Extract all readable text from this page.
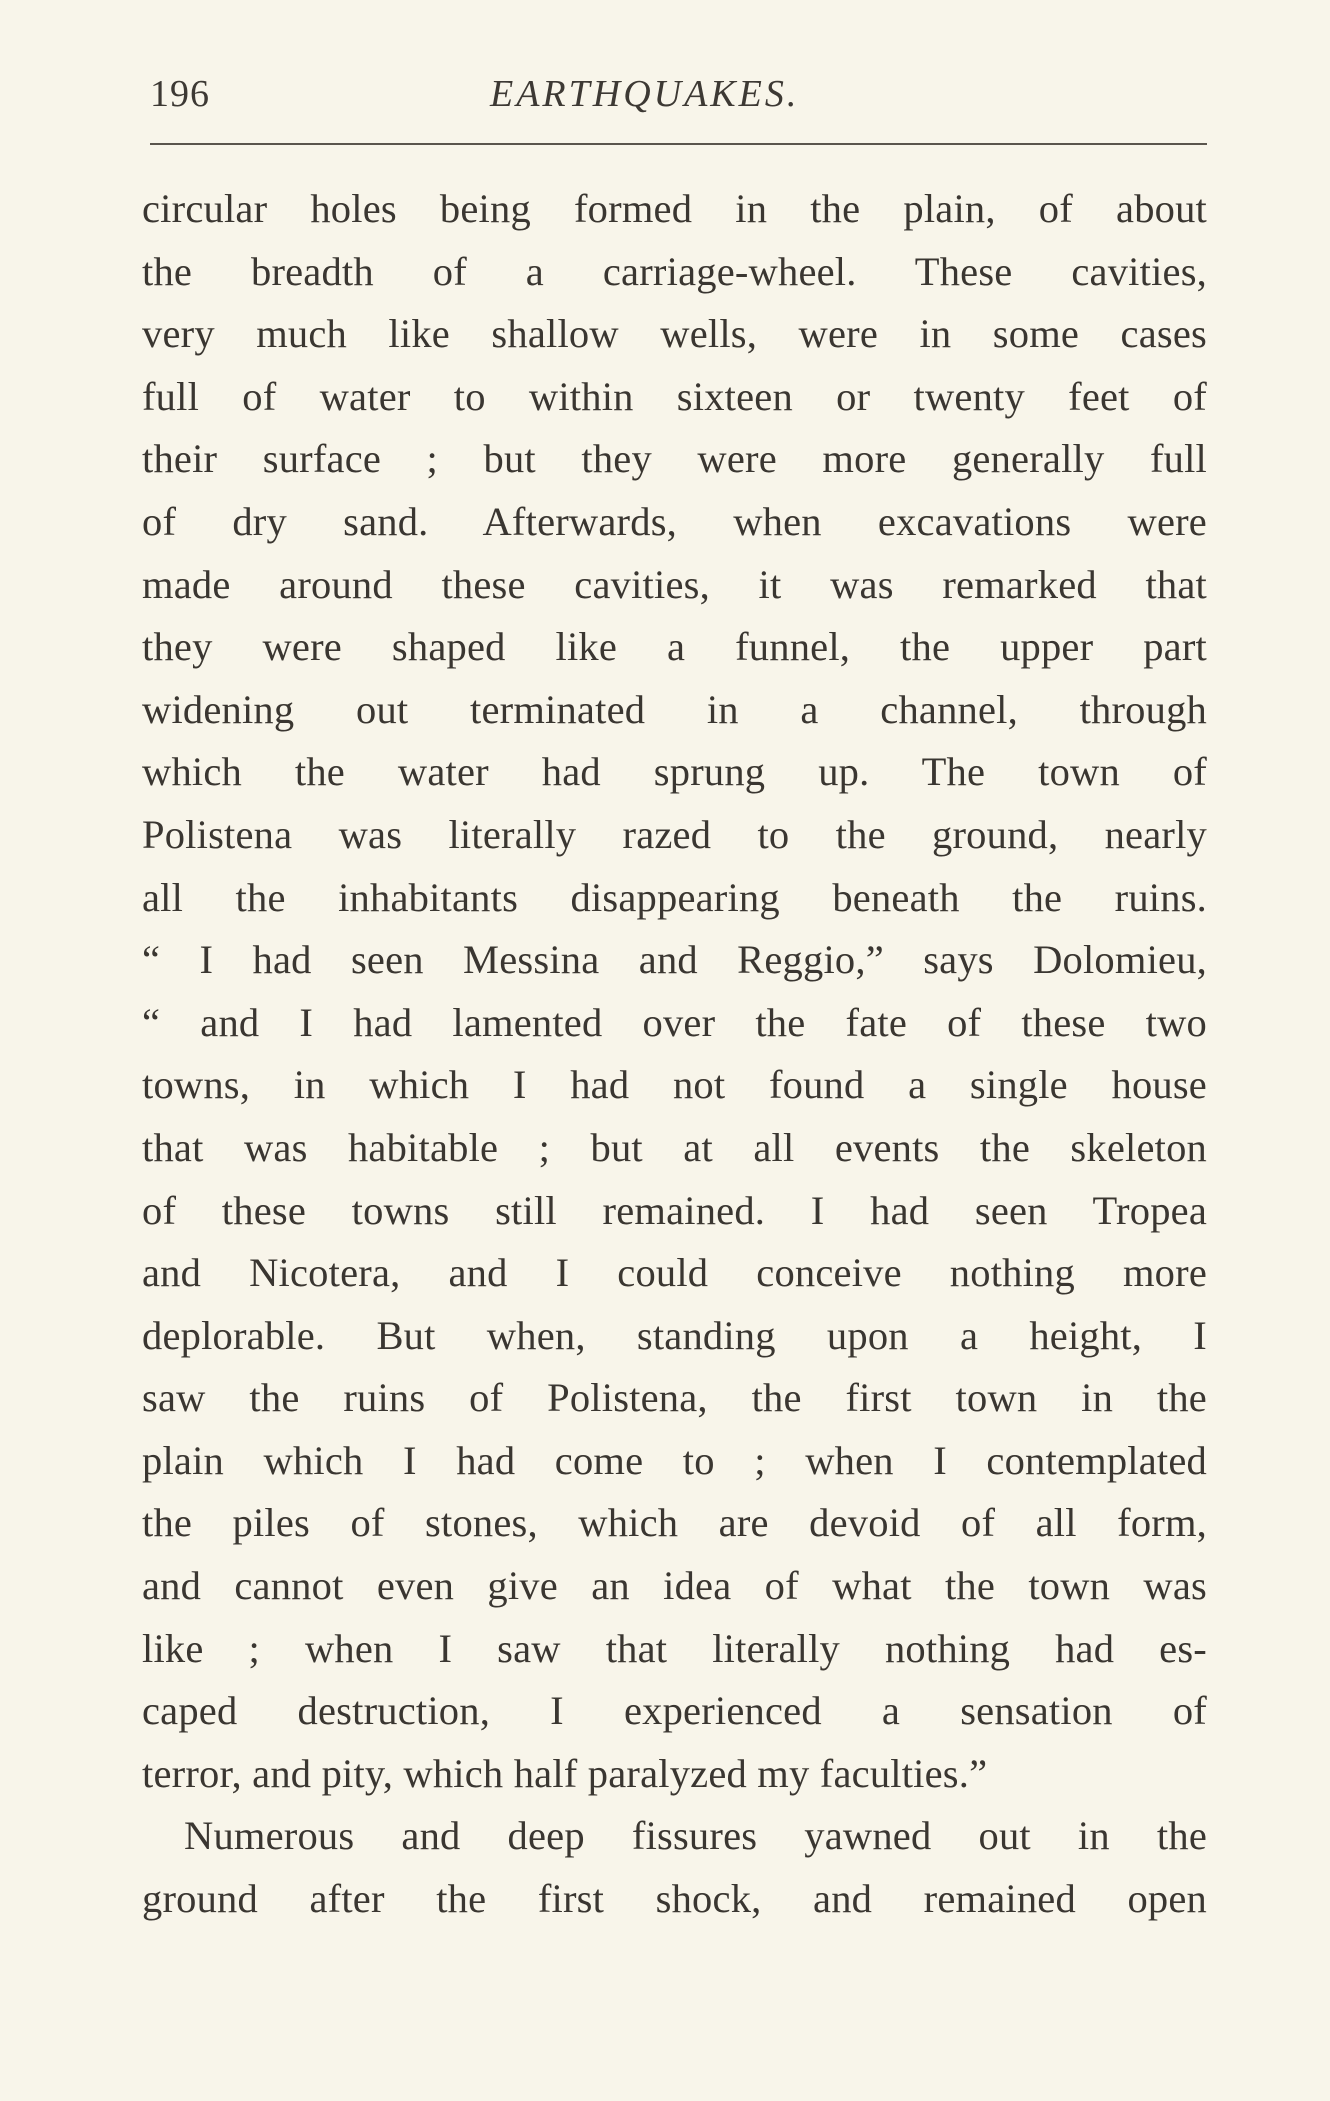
196	EARTHQUAKES.
circular holes being formed in the plain, of about
the breadth of a carriage-wheel. These cavities,
very much like shallow wells, were in some cases
full of water to within sixteen or twenty feet of
their surface ; but they were more generally full
of dry sand. Afterwards, when excavations were
made around these cavities, it was remarked that
they were shaped like a funnel, the upper part
widening out terminated in a channel, through
which the water had sprung up. The town of
Polistena was literally razed to the ground, nearly
all the inhabitants disappearing beneath the ruins.
“ I had seen Messina and Reggio,” says Dolomieu,
“ and I had lamented over the fate of these two
towns, in which I had not found a single house
that was habitable ; but at all events the skeleton
of these towns still remained. I had seen Tropea
and Nicotera, and I could conceive nothing more
deplorable. But when, standing upon a height, I
saw the ruins of Polistena, the first town in the
plain which I had come to ; when I contemplated
the piles of stones, which are devoid of all form,
and cannot even give an idea of what the town was
like ; when I saw that literally nothing had es-
caped destruction, I experienced a sensation of
terror, and pity, which half paralyzed my faculties.”
Numerous and deep fissures yawned out in the
ground after the first shock, and remained open
